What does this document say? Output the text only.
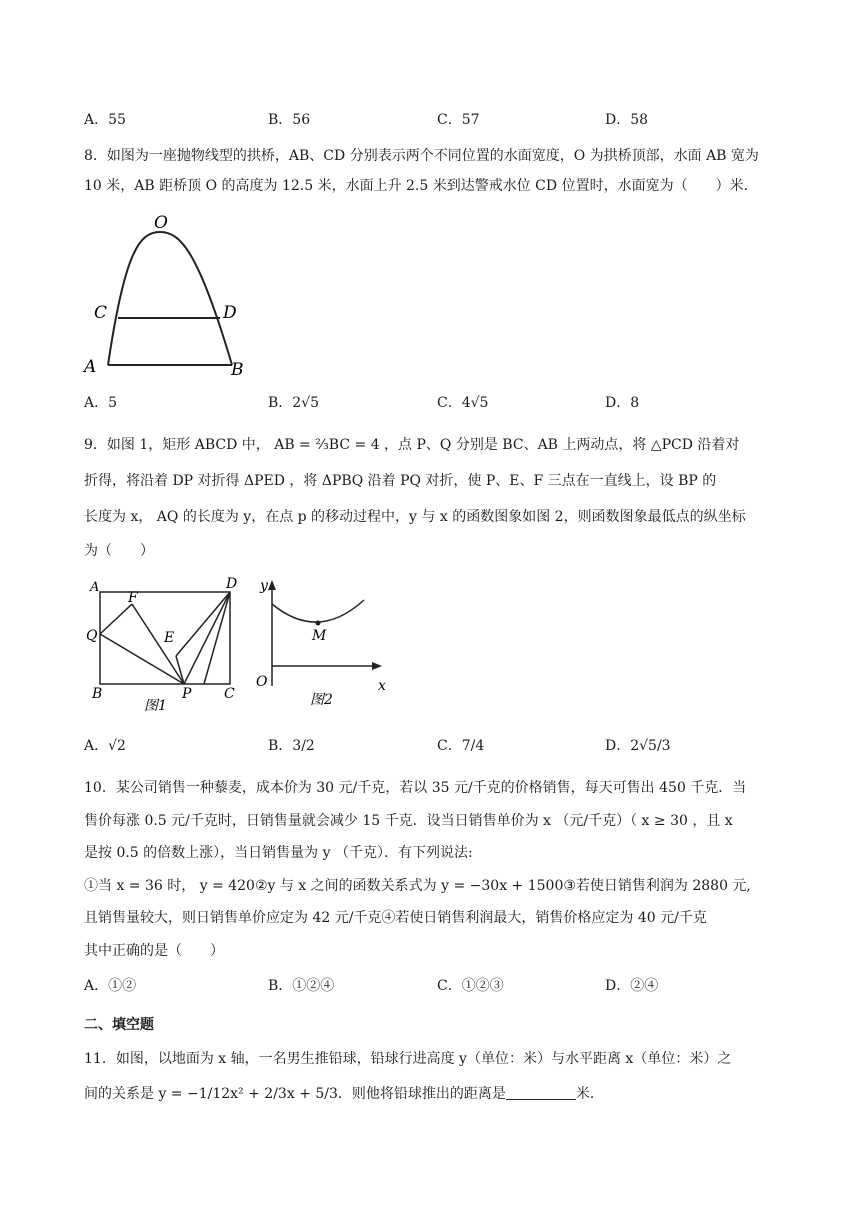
A．55	B．56	C．57	D．58
8．如图为一座抛物线型的拱桥，AB、CD 分别表示两个不同位置的水面宽度，O 为拱桥顶部，水面 AB 宽为
10 米，AB 距桥顶 O 的高度为 12.5 米，水面上升 2.5 米到达警戒水位 CD 位置时，水面宽为（　　）米．
O
C	D
A	B
A．5	B．2√5	C．4√5	D．8
9．如图 1，矩形 ABCD 中， AB = ⅔BC = 4 ，点 P、Q 分别是 BC、AB 上两动点，将 △PCD 沿着对
折得，将沿着 DP 对折得 ΔPED ，将 ΔPBQ 沿着 PQ 对折，使 P、E、F 三点在一直线上，设 BP 的
长度为 x， AQ 的长度为 y，在点 p 的移动过程中，y 与 x 的函数图象如图 2，则函数图象最低点的纵坐标
为（　　）
A	D
F
Q	E
B	P C
图1
y
M
O	x
图2
A．√2	B．3/2	C．7/4	D．2√5/3
10．某公司销售一种藜麦，成本价为 30 元/千克，若以 35 元/千克的价格销售，每天可售出 450 千克．当
售价每涨 0.5 元/千克时，日销售量就会减少 15 千克．设当日销售单价为 x （元/千克）（ x ≥ 30 ，且 x
是按 0.5 的倍数上涨），当日销售量为 y （千克）．有下列说法:
①当 x = 36 时， y = 420②y 与 x 之间的函数关系式为 y = −30x + 1500③若使日销售利润为 2880 元,
且销售量较大，则日销售单价应定为 42 元/千克④若使日销售利润最大，销售价格应定为 40 元/千克
其中正确的是（　　）
A．①②	B．①②④	C．①②③	D．②④
二、填空题
11．如图，以地面为 x 轴，一名男生推铅球，铅球行进高度 y（单位：米）与水平距离 x（单位：米）之
间的关系是 y = −1/12x² + 2/3x + 5/3．则他将铅球推出的距离是	米．
